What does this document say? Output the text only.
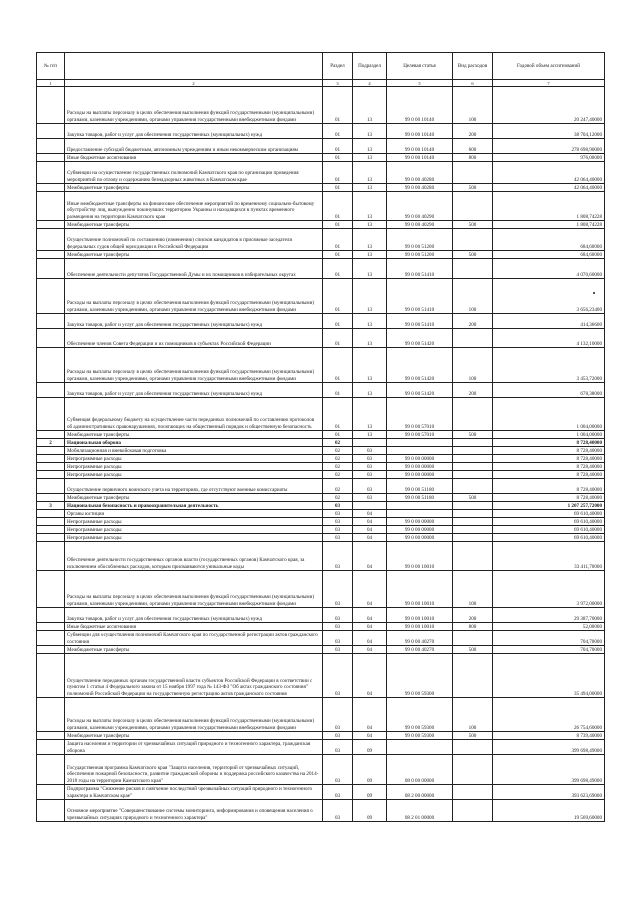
№ п/п		Раздел	Подраздел	Целевая статья	Вид расходов	Годовой объем ассигнований
1	2	3	4	5	6	7
	Расходы на выплаты персоналу в целях обеспечения выполнения функций государственными (муниципальными) органами, казенными учреждениями, органами управления государственными внебюджетными фондами	01	13	99 0 00 10140	100	20 247,40000
	Закупка товаров, работ и услуг для обеспечения государственных (муниципальных) нужд	01	13	99 0 00 10140	200	38 704,12000
	Предоставление субсидий бюджетным, автономным учреждениям и иным некоммерческим организациям	01	13	99 0 00 10140	600	278 698,90000
	Иные бюджетные ассигнования	01	13	99 0 00 10140	800	976,00000
	Субвенции на осуществление государственных полномочий Камчатского края по организации проведения мероприятий по отлову и содержанию безнадзорных животных в Камчатском крае	01	13	99 0 00 40280		42 064,40000
	Межбюджетные трансферты	01	13	99 0 00 40280	500	42 064,40000
	Иные межбюджетные трансферты на финансовое обеспечение мероприятий по временному социально-бытовому обустройству лиц, вынужденно покинувших территорию Украины и находящихся в пунктах временного размещения на территории Камчатского края	01	13	99 0 00 40290		1 808,74228
	Межбюджетные трансферты	01	13	99 0 00 40290	500	1 808,74228
	Осуществление полномочий по составлению (изменению) списков кандидатов в присяжные заседатели федеральных судов общей юрисдикции в Российской Федерации	01	13	99 0 00 51200		684,60000
	Межбюджетные трансферты	01	13	99 0 00 51200	500	684,60000
	Обеспечение деятельности депутатов Государственной Думы и их помощников в избирательных округах	01	13	99 0 00 51410		4 070,60000
	Расходы на выплаты персоналу в целях обеспечения выполнения функций государственными (муниципальными) органами, казенными учреждениями, органами управления государственными внебюджетными фондами	01	13	99 0 00 51410	100	3 656,23400
	Закупка товаров, работ и услуг для обеспечения государственных (муниципальных) нужд	01	13	99 0 00 51410	200	414,36600
	Обеспечение членов Совета Федерации и их помощников в субъектах Российской Федерации	01	13	99 0 00 51420		4 132,10000
	Расходы на выплаты персоналу в целях обеспечения выполнения функций государственными (муниципальными) органами, казенными учреждениями, органами управления государственными внебюджетными фондами	01	13	99 0 00 51420	100	3 453,72000
	Закупка товаров, работ и услуг для обеспечения государственных (муниципальных) нужд	01	13	99 0 00 51420	200	678,38000
	Субвенция федеральному бюджету на осуществление части переданных полномочий по составлению протоколов об административных правонарушениях, посягающих на общественный порядок и общественную безопасность	01	13	99 0 00 57010		1 004,00000
	Межбюджетные трансферты	01	13	99 0 00 57010	500	1 004,00000
2	Национальная оборона	02				8 728,40000
	Мобилизационная и вневойсковая подготовка	02	03			8 728,40000
	Непрограммные расходы	02	03	99 0 00 00000		8 728,40000
	Непрограммные расходы	02	03	99 0 00 00000		8 728,40000
	Непрограммные расходы	02	03	99 0 00 00000		8 728,40000
	Осуществление первичного воинского учета на территориях, где отсутствуют военные комиссариаты	02	03	99 0 00 51180		8 728,40000
	Межбюджетные трансферты	02	03	99 0 00 51180	500	8 728,40000
3	Национальная безопасность и правоохранительная деятельность	03				1 207 257,72000
	Органы юстиции	03	04			69 610,40000
	Непрограммные расходы	03	04	99 0 00 00000		69 610,40000
	Непрограммные расходы	03	04	99 0 00 00000		69 610,40000
	Непрограммные расходы	03	04	99 0 00 00000		69 610,40000
	Обеспечение деятельности государственных органов власти (государственных органов) Камчатского края, за исключением обособленных расходов, которым присваиваются уникальные коды	03	04	99 0 00 10010		33 411,70000
	Расходы на выплаты персоналу в целях обеспечения выполнения функций государственными (муниципальными) органами, казенными учреждениями, органами управления государственными внебюджетными фондами	03	04	99 0 00 10010	100	3 972,00000
	Закупка товаров, работ и услуг для обеспечения государственных (муниципальных) нужд	03	04	99 0 00 10010	200	29 387,70000
	Иные бюджетные ассигнования	03	04	99 0 00 10010	800	52,00000
	Субвенции для осуществления полномочий Камчатского края по государственной регистрации актов гражданского состояния	03	04	99 0 00 40270		704,70000
	Межбюджетные трансферты	03	04	99 0 00 40270	500	704,70000
	Осуществление переданных органам государственной власти субъектов Российской Федерации в соответствии с пунктом 1 статьи 4 Федерального закона от 15 ноября 1997 года № 143-ФЗ "Об актах гражданского состояния" полномочий Российской Федерации на государственную регистрацию актов гражданского состояния	03	04	99 0 00 59300		35 494,00000
	Расходы на выплаты персоналу в целях обеспечения выполнения функций государственными (муниципальными) органами, казенными учреждениями, органами управления государственными внебюджетными фондами	03	04	99 0 00 59300	100	26 754,60000
	Межбюджетные трансферты	03	04	99 0 00 59300	500	8 739,40000
	Защита населения и территории от чрезвычайных ситуаций природного и техногенного характера, гражданская оборона	03	09			399 698,49000
	Государственная программа Камчатского края "Защита населения, территорий от чрезвычайных ситуаций, обеспечение пожарной безопасности, развитие гражданской обороны и поддержка российского казачества на 2014-2018 годы на территории Камчатского края"	03	09	08 0 00 00000		399 698,49000
	Подпрограмма "Снижение рисков и смягчение последствий чрезвычайных ситуаций природного и техногенного характера в Камчатском крае"	03	09	08 2 00 00000		393 623,69000
	Основное мероприятие "Совершенствование системы мониторинга, информирования и оповещения населения о чрезвычайных ситуациях природного и техногенного характера"	03	09	08 2 01 00000		19 569,60000
